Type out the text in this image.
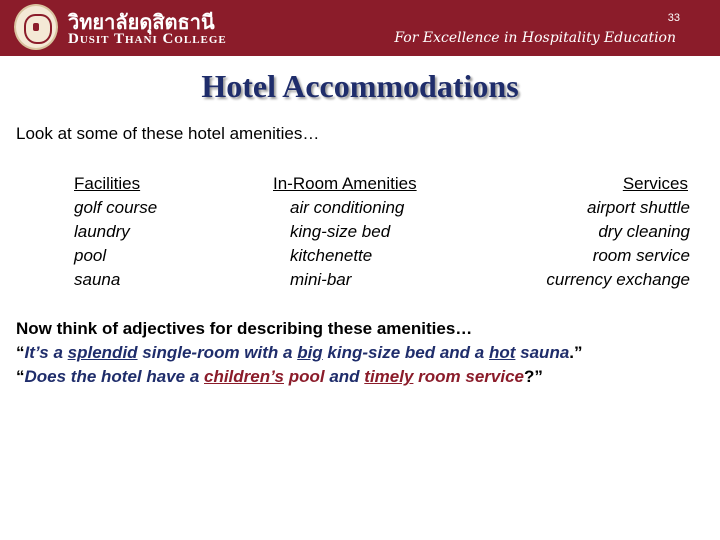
วิทยาลัยดุสิตธานี
Dusit Thani College
33
For Excellence in Hospitality Education
Hotel Accommodations
Look at some of these hotel amenities…
Facilities
golf course
laundry
pool
sauna
In-Room Amenities
air conditioning
king-size bed
kitchenette
mini-bar
Services
airport shuttle
dry cleaning
room service
currency exchange
Now think of adjectives for describing these amenities…
“It’s a splendid single-room with a big king-size bed and a hot sauna.”
“Does the hotel have a children’s pool and timely room service?”
